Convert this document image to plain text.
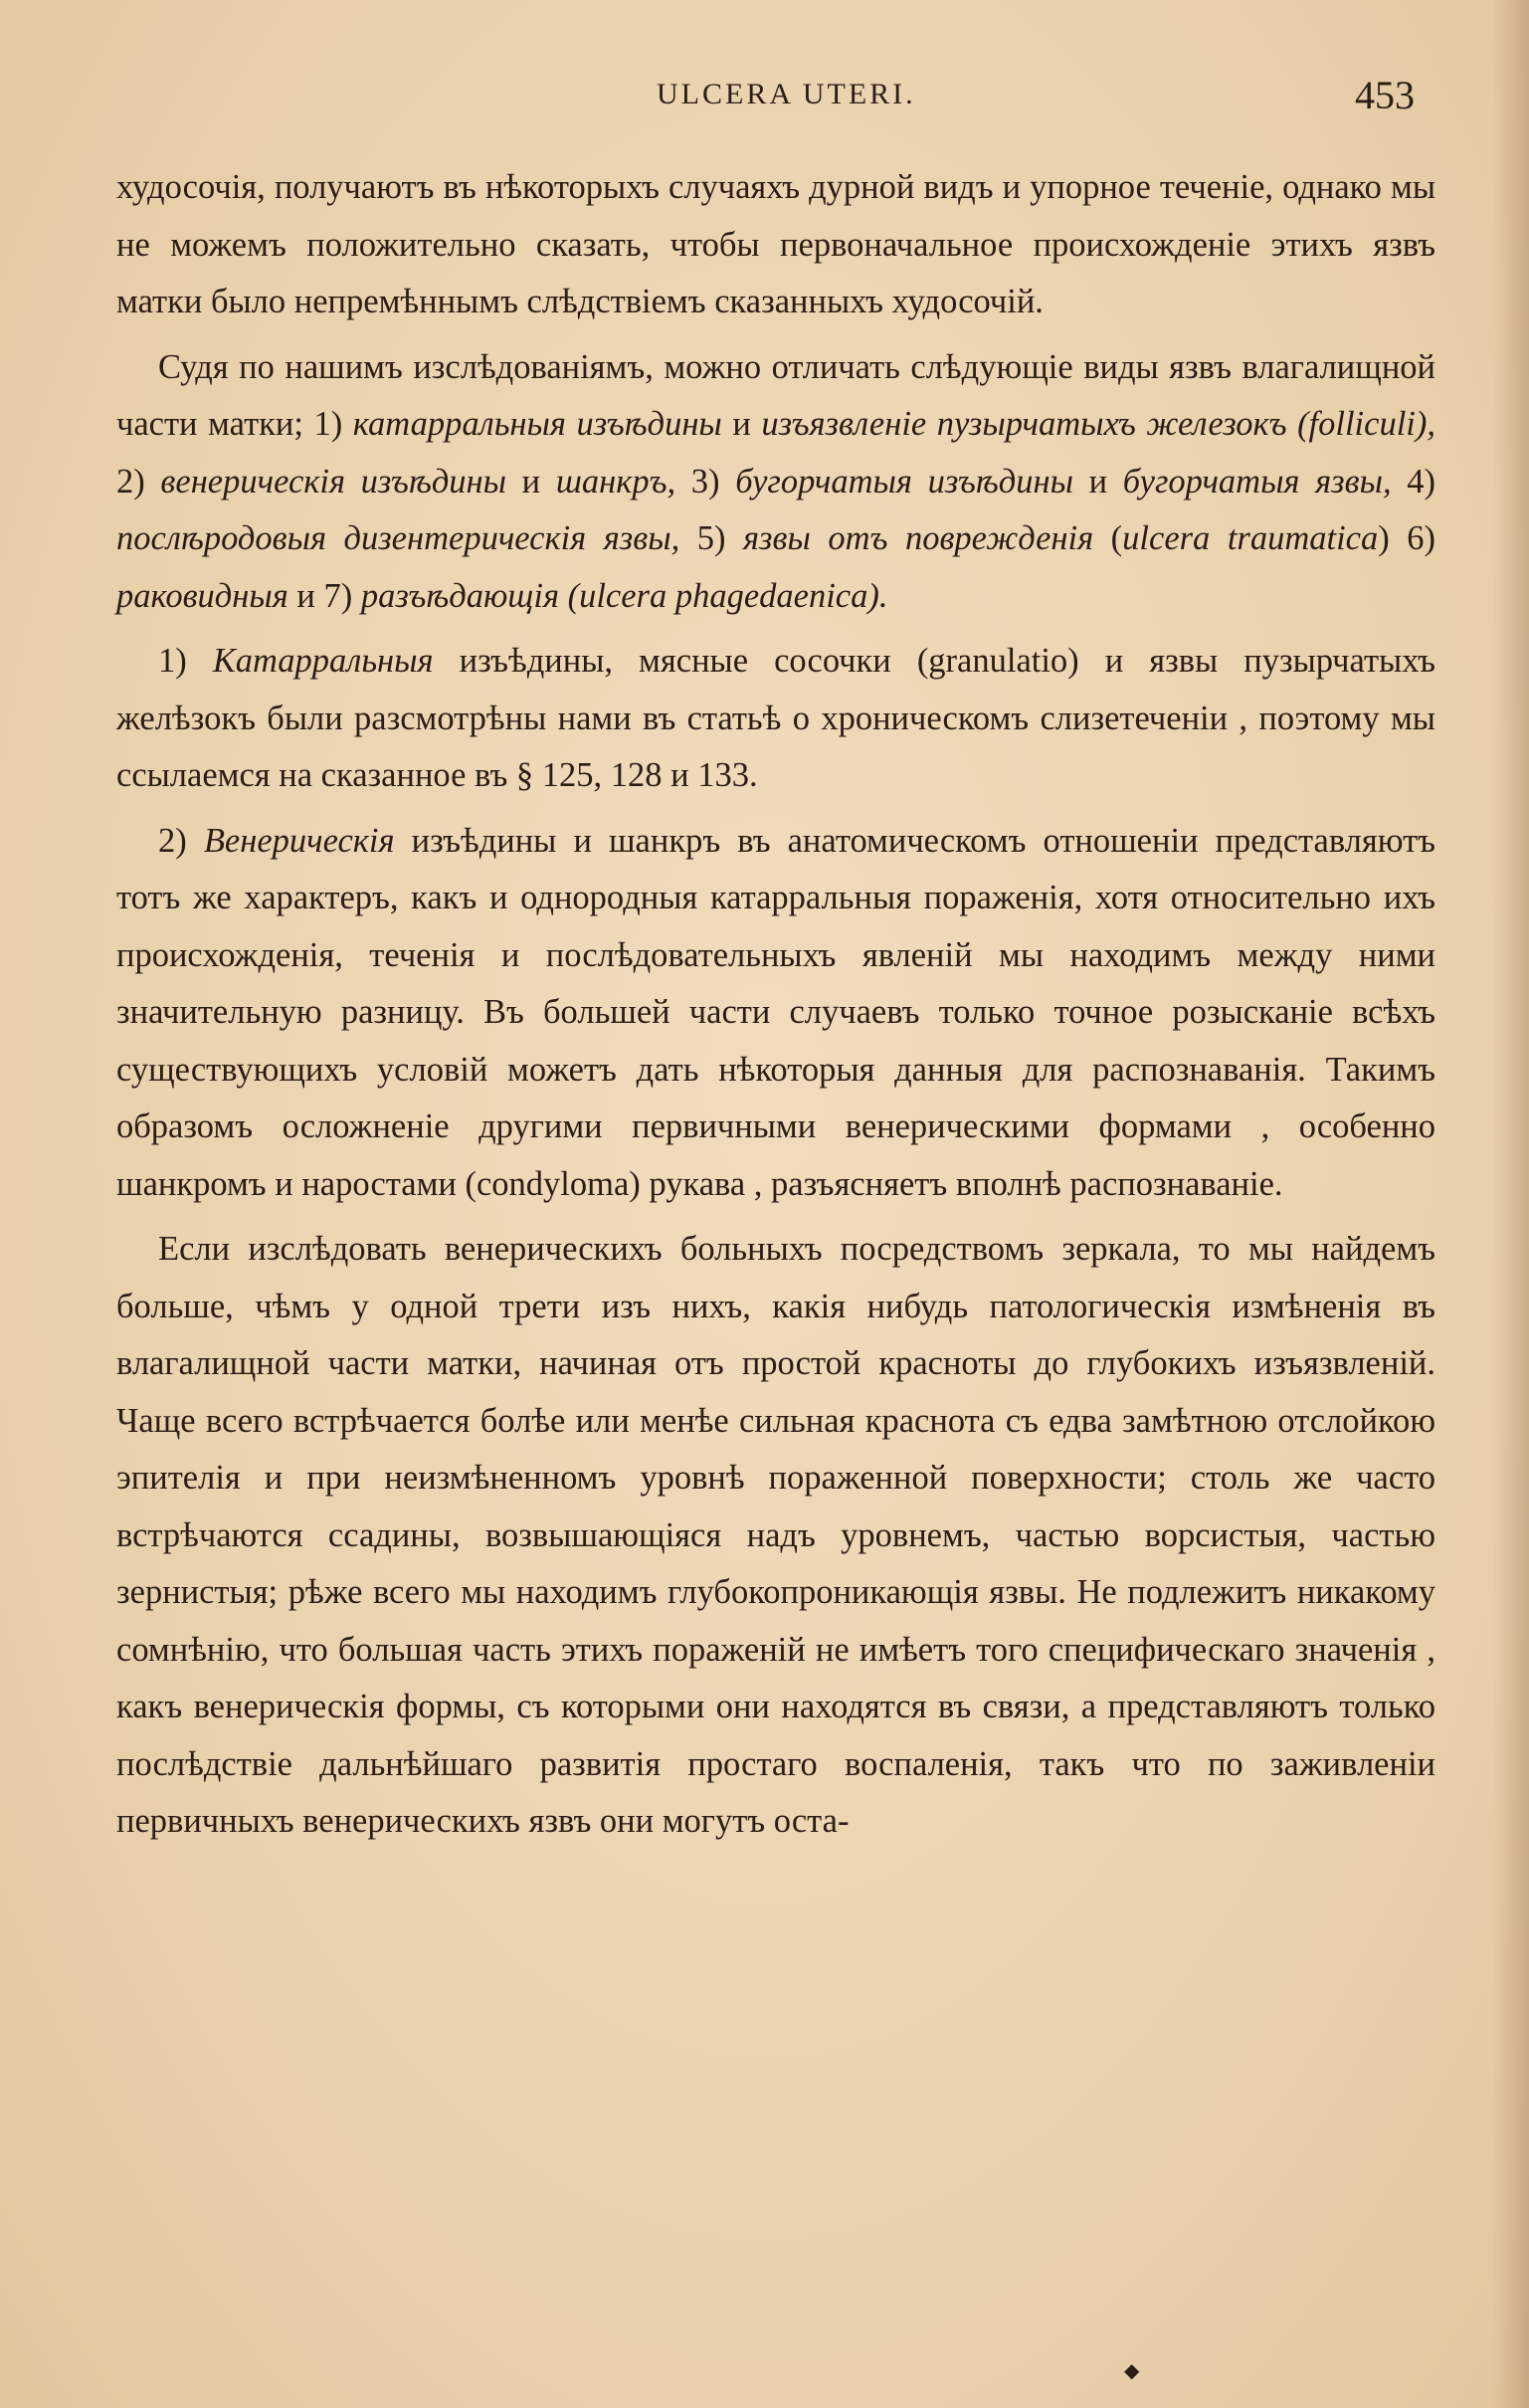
ULCERA UTERI.	453

худосочія, получаютъ въ нѣкоторыхъ случаяхъ дурной видъ и упорное теченіе, однако мы не можемъ положительно сказать, чтобы первоначальное происхожденіе этихъ язвъ матки было непремѣннымъ слѣдствіемъ сказанныхъ худосочій.

Судя по нашимъ изслѣдованіямъ, можно отличать слѣдующіе виды язвъ влагалищной части матки; 1) катарральныя изъѣдины и изъязвленіе пузырчатыхъ железокъ (folliculi), 2) венерическія изъѣдины и шанкръ, 3) бугорчатыя изъѣдины и бугорчатыя язвы, 4) послѣродовыя дизентерическія язвы, 5) язвы отъ поврежденія (ulcera traumatica) 6) раковидныя и 7) разъѣдающія (ulcera phagedaenica).

1) Катарральныя изъѣдины, мясные сосочки (granulatio) и язвы пузырчатыхъ желѣзокъ были разсмотрѣны нами въ статьѣ о хроническомъ слизетеченіи , поэтому мы ссылаемся на сказанное въ § 125, 128 и 133.

2) Венерическія изъѣдины и шанкръ въ анатомическомъ отношеніи представляютъ тотъ же характеръ, какъ и однородныя катарральныя пораженія, хотя относительно ихъ происхожденія, теченія и послѣдовательныхъ явленій мы находимъ между ними значительную разницу. Въ большей части случаевъ только точное розысканіе всѣхъ существующихъ условій можетъ дать нѣкоторыя данныя для распознаванія. Такимъ образомъ осложненіе другими первичными венерическими формами , особенно шанкромъ и наростами (condyloma) рукава , разъясняетъ вполнѣ распознаваніе.

Если изслѣдовать венерическихъ больныхъ посредствомъ зеркала, то мы найдемъ больше, чѣмъ у одной трети изъ нихъ, какія нибудь патологическія измѣненія въ влагалищной части матки, начиная отъ простой красноты до глубокихъ изъязвленій. Чаще всего встрѣчается болѣе или менѣе сильная краснота съ едва замѣтною отслойкою эпителія и при неизмѣненномъ уровнѣ пораженной поверхности; столь же часто встрѣчаются ссадины, возвышающіяся надъ уровнемъ, частью ворсистыя, частью зернистыя; рѣже всего мы находимъ глубокопроникающія язвы. Не подлежитъ никакому сомнѣнію, что большая часть этихъ пораженій не имѣетъ того специфическаго значенія , какъ венерическія формы, съ которыми они находятся въ связи, а представляютъ только послѣдствіе дальнѣйшаго развитія простаго воспаленія, такъ что по заживленіи первичныхъ венерическихъ язвъ они могутъ оста-

◆
